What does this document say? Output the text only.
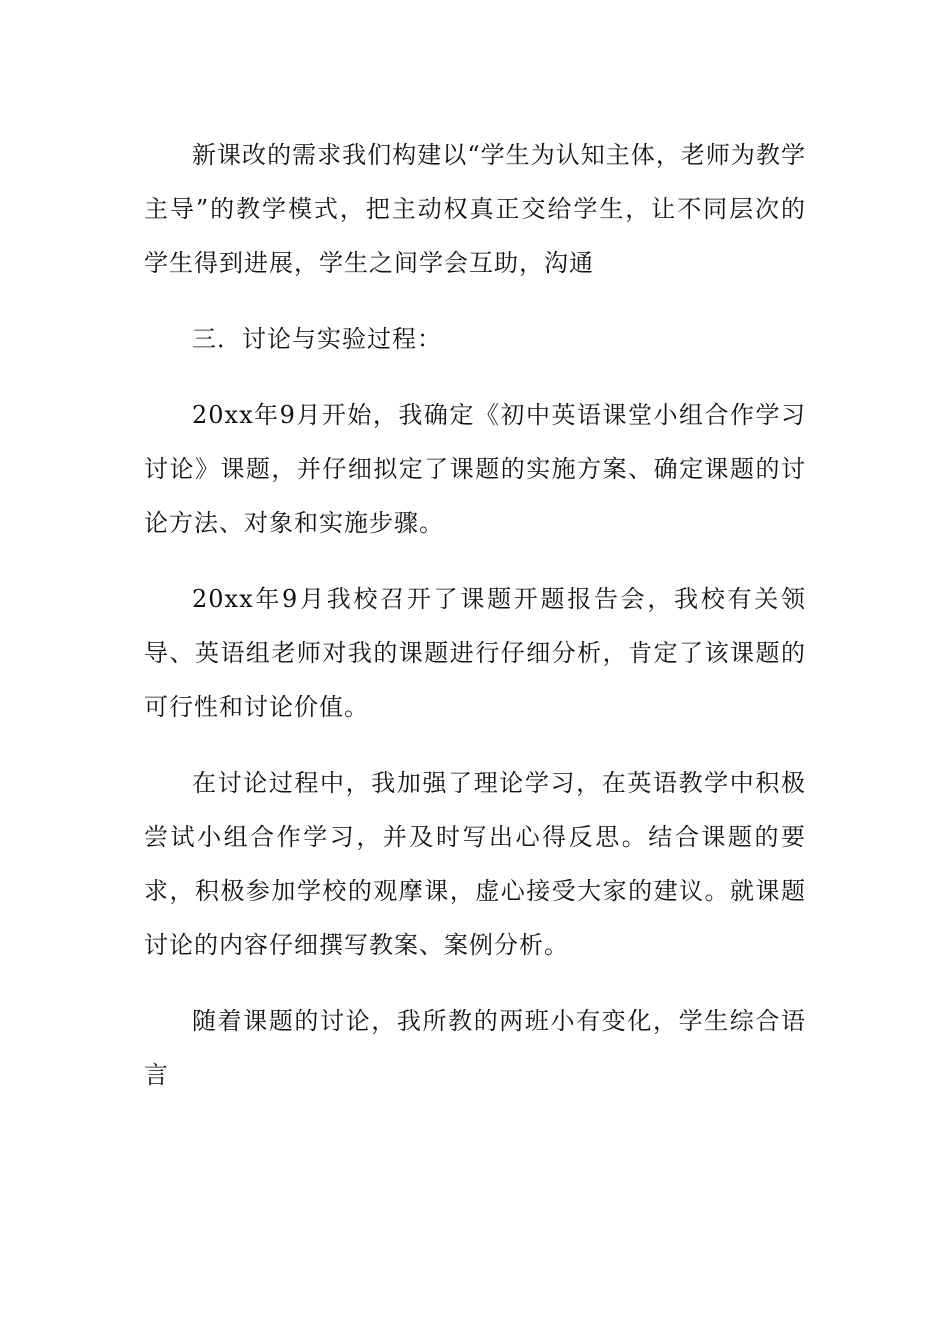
新课改的需求我们构建以“学生为认知主体，老师为教学主导”的教学模式，把主动权真正交给学生，让不同层次的学生得到进展，学生之间学会互助，沟通

三．讨论与实验过程：

20xx年9月开始，我确定《初中英语课堂小组合作学习讨论》课题，并仔细拟定了课题的实施方案、确定课题的讨论方法、对象和实施步骤。

20xx年9月我校召开了课题开题报告会，我校有关领导、英语组老师对我的课题进行仔细分析，肯定了该课题的可行性和讨论价值。

在讨论过程中，我加强了理论学习，在英语教学中积极尝试小组合作学习，并及时写出心得反思。结合课题的要求，积极参加学校的观摩课，虚心接受大家的建议。就课题讨论的内容仔细撰写教案、案例分析。

随着课题的讨论，我所教的两班小有变化，学生综合语言
